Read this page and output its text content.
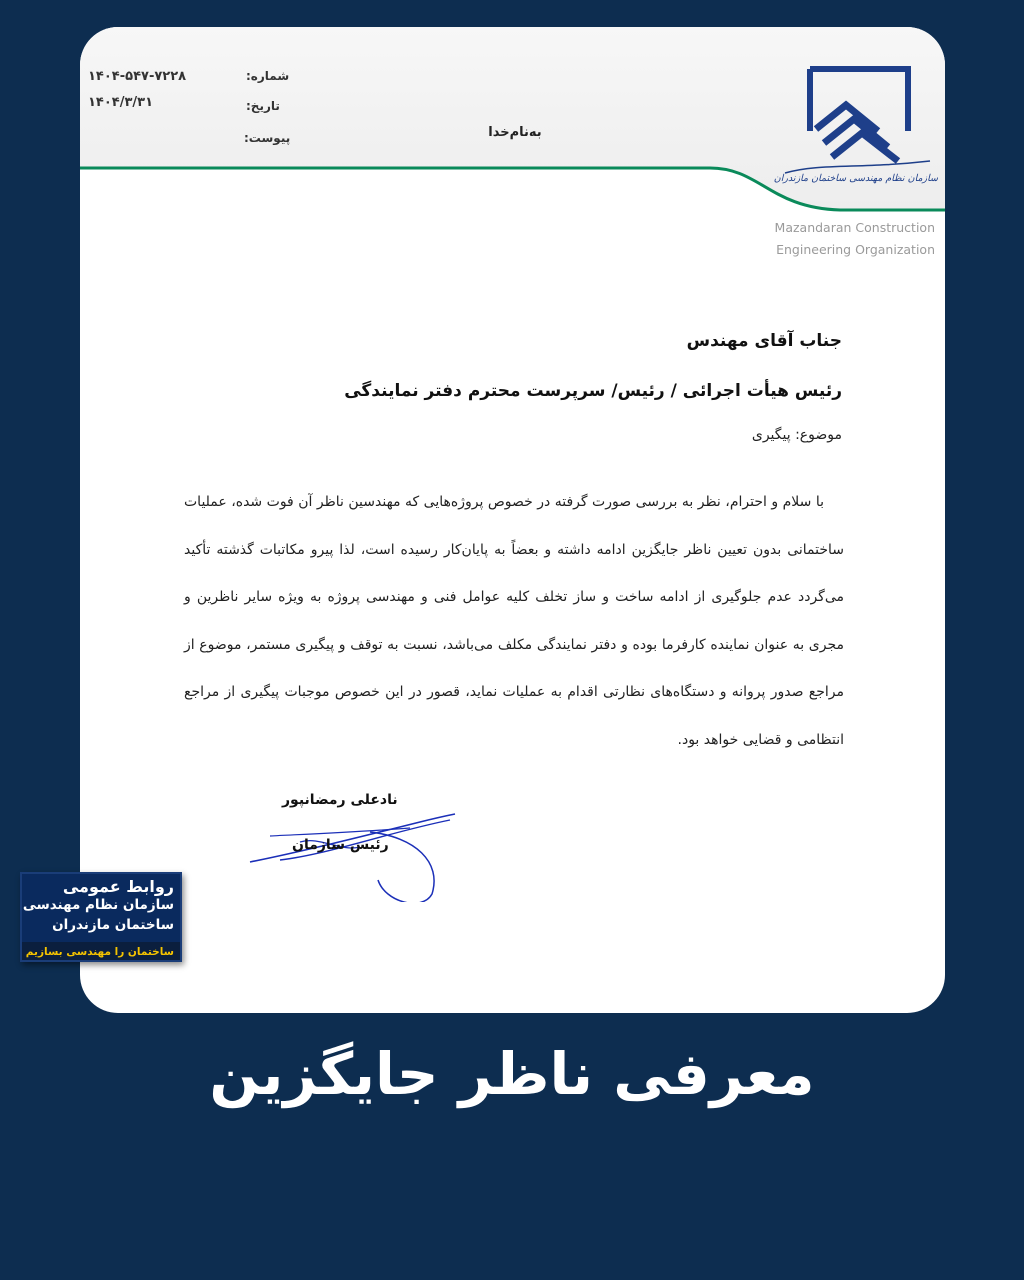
شماره:
۱۴۰۴-۵۴۷-۷۲۲۸
تاریخ:
۱۴۰۴/۳/۳۱
پیوست:	به‌نام‌خدا
سازمان نظام مهندسی ساختمان مازندران
Mazandaran Construction
Engineering Organization
جناب آقای مهندس
رئیس هیأت اجرائی / رئیس/ سرپرست محترم دفتر نمایندگی
موضوع: پیگیری
با سلام و احترام، نظر به بررسی صورت گرفته در خصوص پروژه‌هایی که مهندسین ناظر آن فوت شده، عملیات ساختمانی بدون تعیین ناظر جایگزین ادامه داشته و بعضاً به پایان‌کار رسیده است، لذا پیرو مکاتبات گذشته تأکید می‌گردد عدم جلوگیری از ادامه ساخت و ساز تخلف کلیه عوامل فنی و مهندسی پروژه به ویژه سایر ناظرین و مجری به عنوان نماینده کارفرما بوده و دفتر نمایندگی مکلف می‌باشد، نسبت به توقف و پیگیری مستمر، موضوع از مراجع صدور پروانه و دستگاه‌های نظارتی اقدام به عملیات نماید، قصور در این خصوص موجبات پیگیری از مراجع انتظامی و قضایی خواهد بود.
نادعلی رمضانپور
رئیس سازمان
روابط عمومی
سازمان نظام مهندسی
ساختمان مازندران
ساختمان را مهندسی بسازیم
معرفی ناظر جایگزین
